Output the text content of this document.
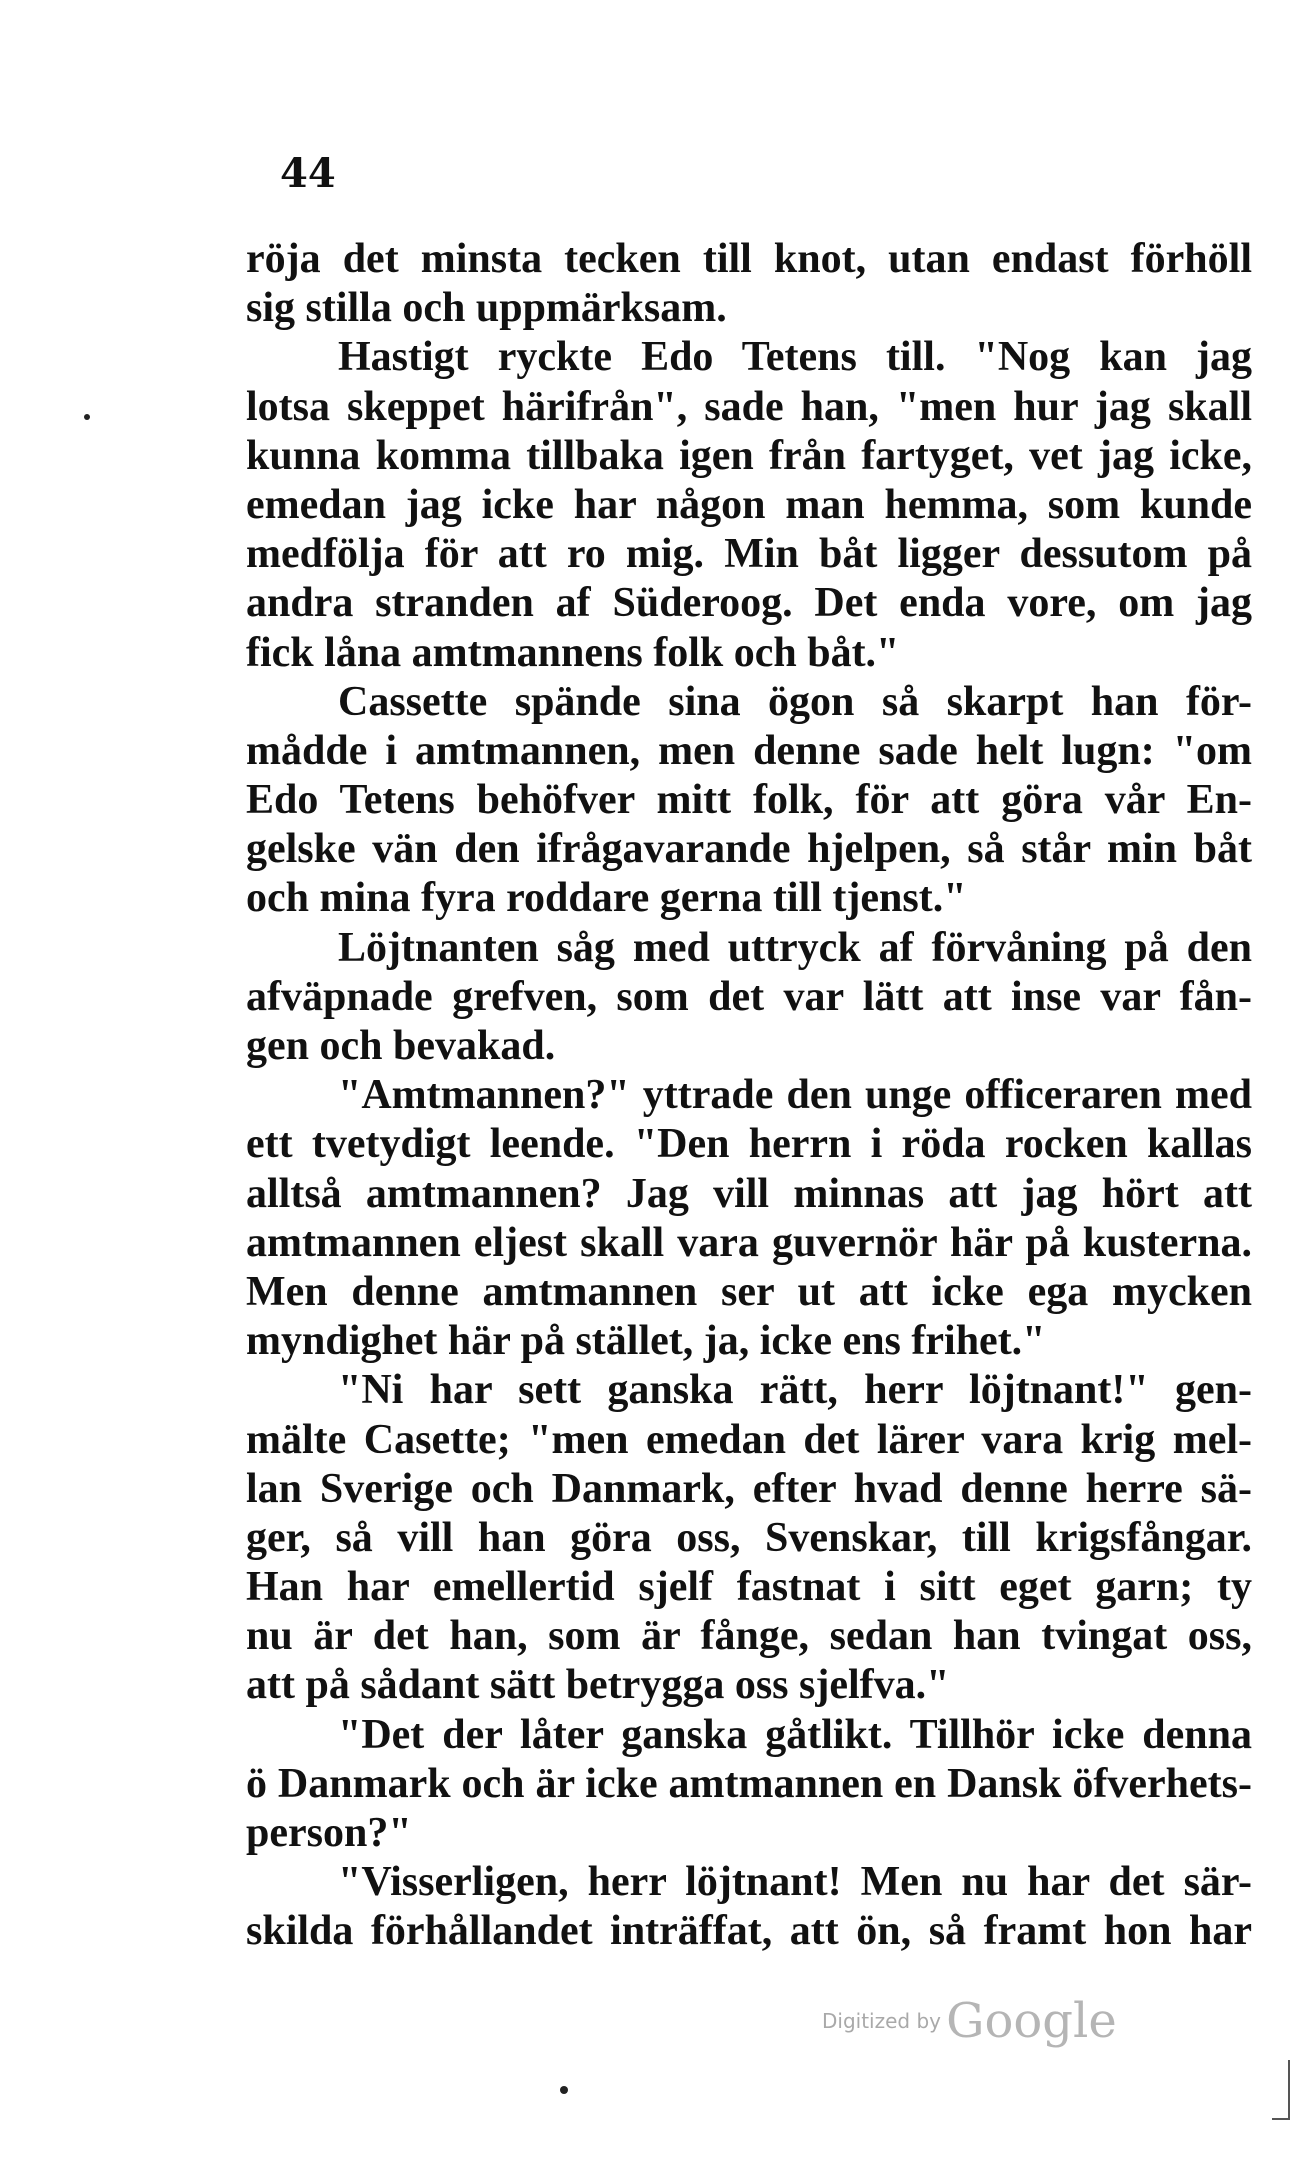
44
röja det minsta tecken till knot, utan endast förhöll
sig stilla och uppmärksam.
Hastigt ryckte Edo Tetens till. "Nog kan jag
lotsa skeppet härifrån", sade han, "men hur jag skall
kunna komma tillbaka igen från fartyget, vet jag icke,
emedan jag icke har någon man hemma, som kunde
medfölja för att ro mig. Min båt ligger dessutom på
andra stranden af Süderoog. Det enda vore, om jag
fick låna amtmannens folk och båt."
Cassette spände sina ögon så skarpt han för-
mådde i amtmannen, men denne sade helt lugn: "om
Edo Tetens behöfver mitt folk, för att göra vår En-
gelske vän den ifrågavarande hjelpen, så står min båt
och mina fyra roddare gerna till tjenst."
Löjtnanten såg med uttryck af förvåning på den
afväpnade grefven, som det var lätt att inse var fån-
gen och bevakad.
"Amtmannen?" yttrade den unge officeraren med
ett tvetydigt leende. "Den herrn i röda rocken kallas
alltså amtmannen? Jag vill minnas att jag hört att
amtmannen eljest skall vara guvernör här på kusterna.
Men denne amtmannen ser ut att icke ega mycken
myndighet här på stället, ja, icke ens frihet."
"Ni har sett ganska rätt, herr löjtnant!" gen-
mälte Casette; "men emedan det lärer vara krig mel-
lan Sverige och Danmark, efter hvad denne herre sä-
ger, så vill han göra oss, Svenskar, till krigsfångar.
Han har emellertid sjelf fastnat i sitt eget garn; ty
nu är det han, som är fånge, sedan han tvingat oss,
att på sådant sätt betrygga oss sjelfva."
"Det der låter ganska gåtlikt. Tillhör icke denna
ö Danmark och är icke amtmannen en Dansk öfverhets-
person?"
"Visserligen, herr löjtnant! Men nu har det sär-
skilda förhållandet inträffat, att ön, så framt hon har
Digitized by Google
